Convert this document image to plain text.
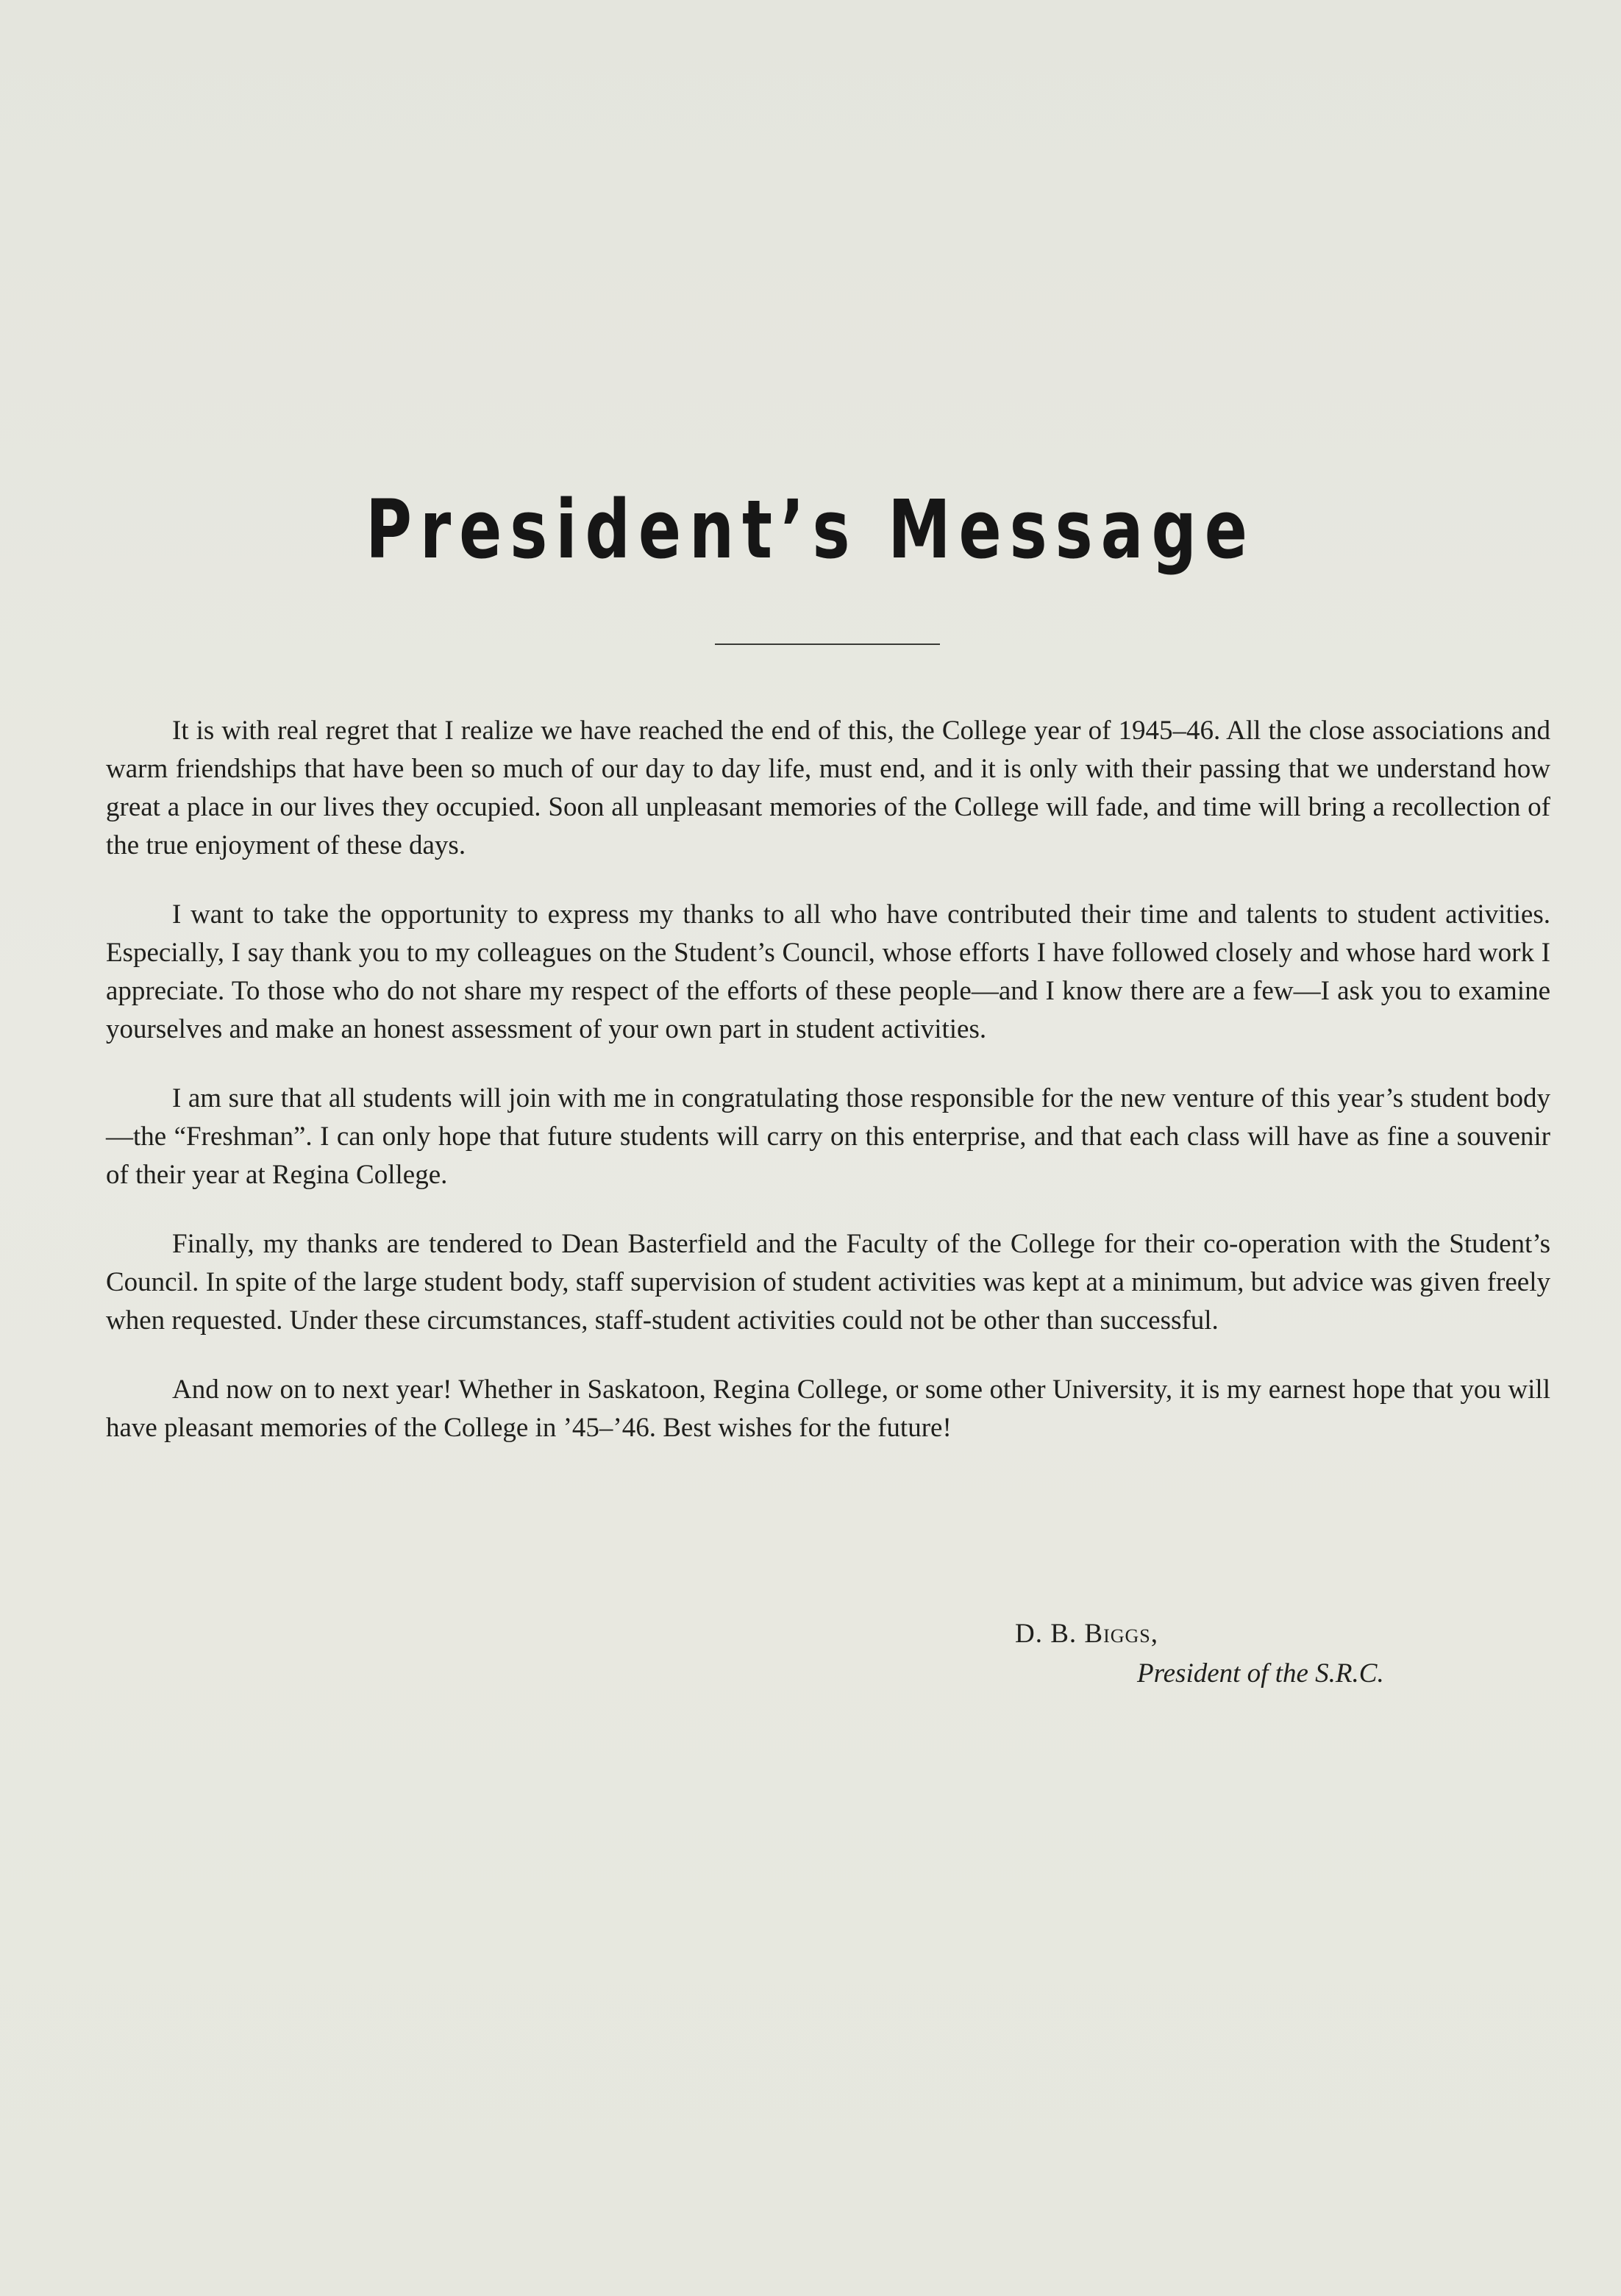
President’s Message

It is with real regret that I realize we have reached the end of this, the College year of 1945–46. All the close associations and warm friendships that have been so much of our day to day life, must end, and it is only with their passing that we understand how great a place in our lives they occupied. Soon all unpleasant memories of the College will fade, and time will bring a recollection of the true enjoyment of these days.

I want to take the opportunity to express my thanks to all who have contributed their time and talents to student activities. Especially, I say thank you to my colleagues on the Student’s Council, whose efforts I have followed closely and whose hard work I appreciate. To those who do not share my respect of the efforts of these people—and I know there are a few—I ask you to examine yourselves and make an honest assessment of your own part in student activities.

I am sure that all students will join with me in congratulating those responsible for the new venture of this year’s student body—the “Freshman”. I can only hope that future students will carry on this enterprise, and that each class will have as fine a souvenir of their year at Regina College.

Finally, my thanks are tendered to Dean Basterfield and the Faculty of the College for their co-operation with the Student’s Council. In spite of the large student body, staff supervision of student activities was kept at a minimum, but advice was given freely when requested. Under these circumstances, staff-student activities could not be other than successful.

And now on to next year! Whether in Saskatoon, Regina College, or some other University, it is my earnest hope that you will have pleasant memories of the College in ’45–’46. Best wishes for the future!

D. B. Biggs,
President of the S.R.C.
